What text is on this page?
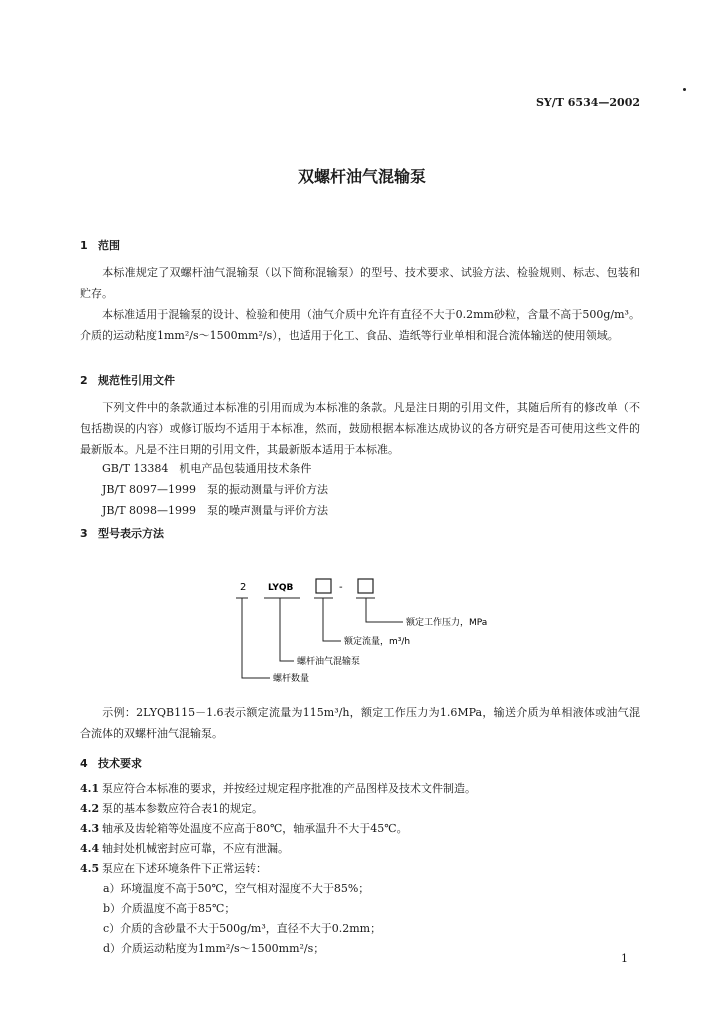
SY/T 6534—2002
双螺杆油气混输泵
1 范围
本标准规定了双螺杆油气混输泵（以下简称混输泵）的型号、技术要求、试验方法、检验规则、标志、包装和贮存。
本标准适用于混输泵的设计、检验和使用（油气介质中允许有直径不大于0.2mm砂粒，含量不高于500g/m³。介质的运动粘度1mm²/s～1500mm²/s），也适用于化工、食品、造纸等行业单相和混合流体输送的使用领域。
2 规范性引用文件
下列文件中的条款通过本标准的引用而成为本标准的条款。凡是注日期的引用文件，其随后所有的修改单（不包括勘误的内容）或修订版均不适用于本标准，然而，鼓励根据本标准达成协议的各方研究是否可使用这些文件的最新版本。凡是不注日期的引用文件，其最新版本适用于本标准。
GB/T 13384　机电产品包装通用技术条件
JB/T 8097—1999　泵的振动测量与评价方法
JB/T 8098—1999　泵的噪声测量与评价方法
3 型号表示方法
2 LYQB	-
额定工作压力，MPa
额定流量，m³/h
螺杆油气混输泵
螺杆数量
示例：2LYQB115－1.6表示额定流量为115m³/h，额定工作压力为1.6MPa，输送介质为单相液体或油气混合流体的双螺杆油气混输泵。
4 技术要求
4.1 泵应符合本标准的要求，并按经过规定程序批准的产品图样及技术文件制造。
4.2 泵的基本参数应符合表1的规定。
4.3 轴承及齿轮箱等处温度不应高于80℃，轴承温升不大于45℃。
4.4 轴封处机械密封应可靠，不应有泄漏。
4.5 泵应在下述环境条件下正常运转：
a）环境温度不高于50℃，空气相对湿度不大于85%；
b）介质温度不高于85℃；
c）介质的含砂量不大于500g/m³，直径不大于0.2mm；
d）介质运动粘度为1mm²/s～1500mm²/s；
1
